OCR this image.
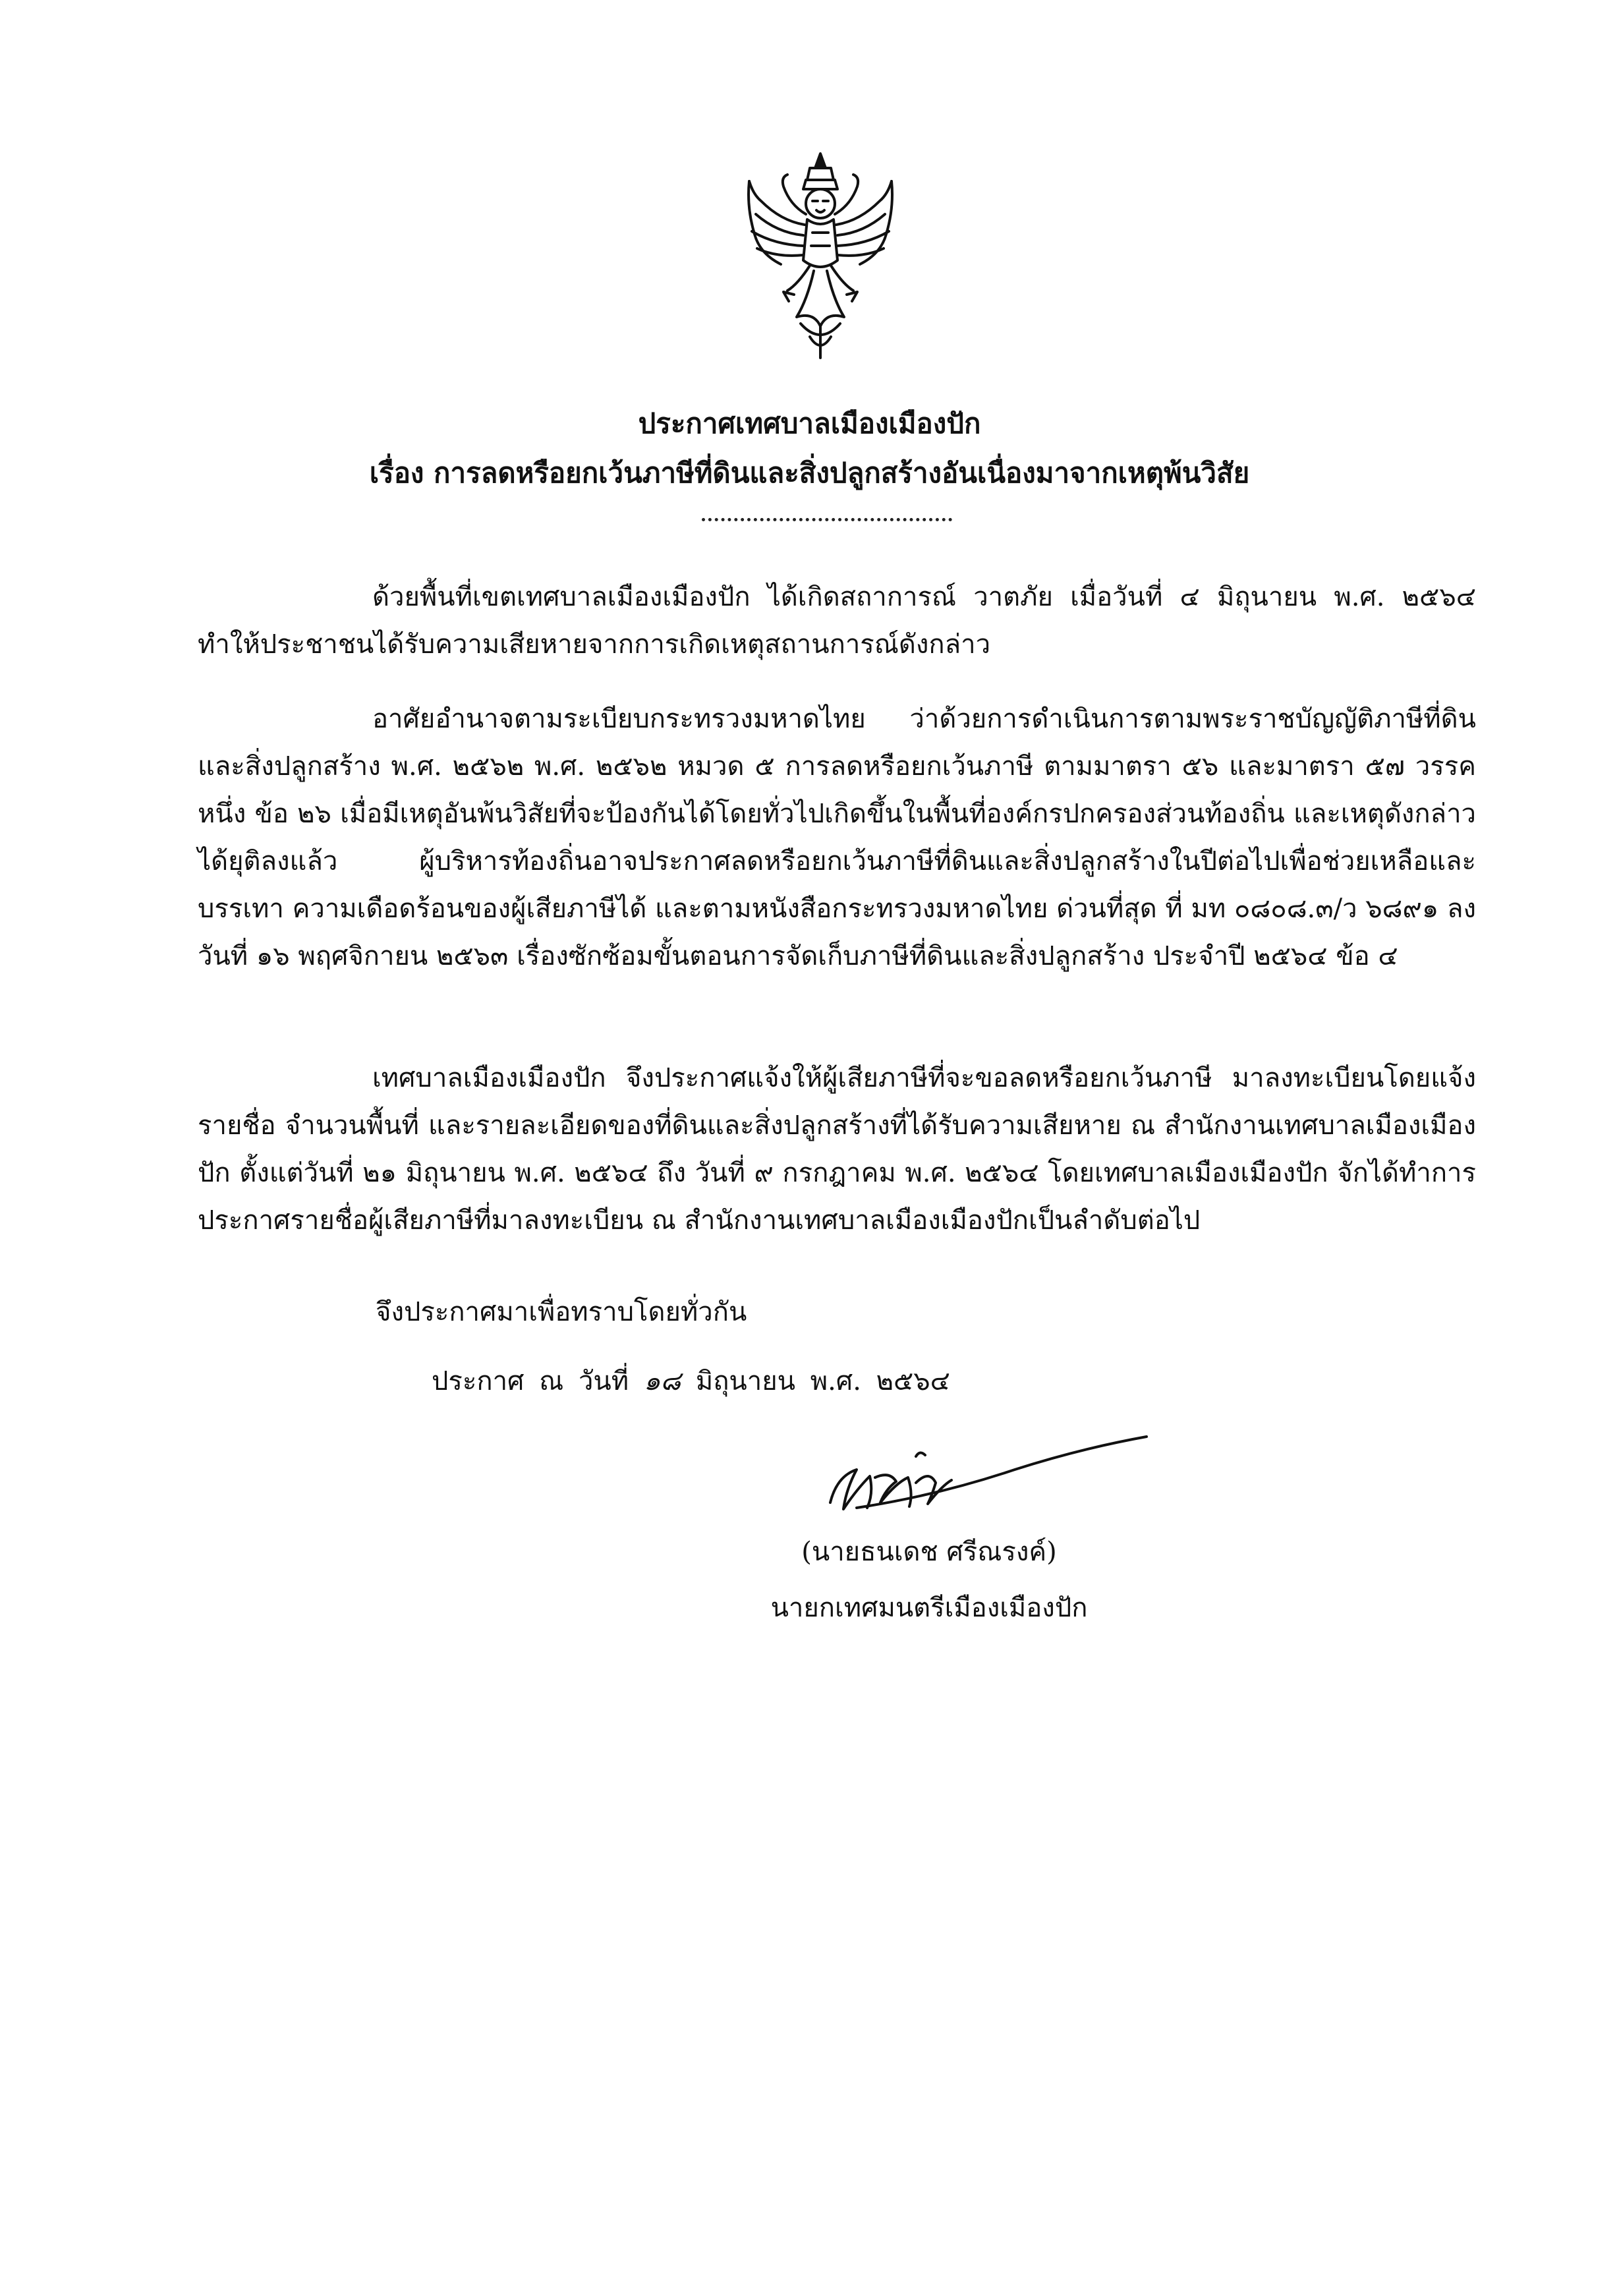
ประกาศเทศบาลเมืองเมืองปัก
เรื่อง การลดหรือยกเว้นภาษีที่ดินและสิ่งปลูกสร้างอันเนื่องมาจากเหตุพ้นวิสัย
ด้วยพื้นที่เขตเทศบาลเมืองเมืองปัก ได้เกิดสถาการณ์ วาตภัย เมื่อวันที่ ๔ มิถุนายน พ.ศ. ๒๕๖๔ ทำให้ประชาชนได้รับความเสียหายจากการเกิดเหตุสถานการณ์ดังกล่าว
อาศัยอำนาจตามระเบียบกระทรวงมหาดไทย ว่าด้วยการดำเนินการตามพระราชบัญญัติภาษีที่ดินและสิ่งปลูกสร้าง พ.ศ. ๒๕๖๒ พ.ศ. ๒๕๖๒ หมวด ๕ การลดหรือยกเว้นภาษี ตามมาตรา ๕๖ และมาตรา ๕๗ วรรคหนึ่ง ข้อ ๒๖ เมื่อมีเหตุอันพ้นวิสัยที่จะป้องกันได้โดยทั่วไปเกิดขึ้นในพื้นที่องค์กรปกครองส่วนท้องถิ่น และเหตุดังกล่าวได้ยุติลงแล้ว ผู้บริหารท้องถิ่นอาจประกาศลดหรือยกเว้นภาษีที่ดินและสิ่งปลูกสร้างในปีต่อไปเพื่อช่วยเหลือและบรรเทา ความเดือดร้อนของผู้เสียภาษีได้ และตามหนังสือกระทรวงมหาดไทย ด่วนที่สุด ที่ มท ๐๘๐๘.๓/ว ๖๘๙๑ ลงวันที่ ๑๖ พฤศจิกายน ๒๕๖๓ เรื่องซักซ้อมขั้นตอนการจัดเก็บภาษีที่ดินและสิ่งปลูกสร้าง ประจำปี ๒๕๖๔ ข้อ ๔
เทศบาลเมืองเมืองปัก จึงประกาศแจ้งให้ผู้เสียภาษีที่จะขอลดหรือยกเว้นภาษี มาลงทะเบียนโดยแจ้งรายชื่อ จำนวนพื้นที่ และรายละเอียดของที่ดินและสิ่งปลูกสร้างที่ได้รับความเสียหาย ณ สำนักงานเทศบาลเมืองเมืองปัก ตั้งแต่วันที่ ๒๑ มิถุนายน พ.ศ. ๒๕๖๔ ถึง วันที่ ๙ กรกฎาคม พ.ศ. ๒๕๖๔ โดยเทศบาลเมืองเมืองปัก จักได้ทำการประกาศรายชื่อผู้เสียภาษีที่มาลงทะเบียน ณ สำนักงานเทศบาลเมืองเมืองปักเป็นลำดับต่อไป
จึงประกาศมาเพื่อทราบโดยทั่วกัน
ประกาศ ณ วันที่ ๑๘ มิถุนายน พ.ศ. ๒๕๖๔
(นายธนเดช ศรีณรงค์)
นายกเทศมนตรีเมืองเมืองปัก
